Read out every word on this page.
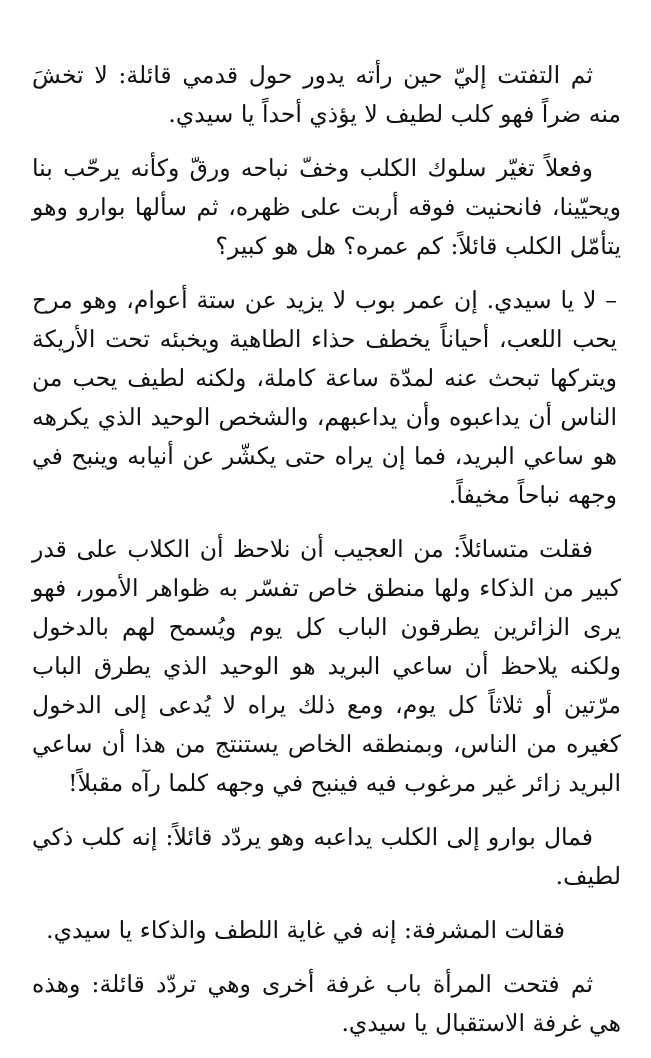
ثم التفتت إليّ حين رأته يدور حول قدمي قائلة: لا تخشَ منه ضراً فهو كلب لطيف لا يؤذي أحداً يا سيدي.

وفعلاً تغيّر سلوك الكلب وخفّ نباحه ورقّ وكأنه يرحّب بنا ويحيّينا، فانحنيت فوقه أربت على ظهره، ثم سألها بوارو وهو يتأمّل الكلب قائلاً: كم عمره؟ هل هو كبير؟

– لا يا سيدي. إن عمر بوب لا يزيد عن ستة أعوام، وهو مرح يحب اللعب، أحياناً يخطف حذاء الطاهية ويخبئه تحت الأريكة ويتركها تبحث عنه لمدّة ساعة كاملة، ولكنه لطيف يحب من الناس أن يداعبوه وأن يداعبهم، والشخص الوحيد الذي يكرهه هو ساعي البريد، فما إن يراه حتى يكشّر عن أنيابه وينبح في وجهه نباحاً مخيفاً.

فقلت متسائلاً: من العجيب أن نلاحظ أن الكلاب على قدر كبير من الذكاء ولها منطق خاص تفسّر به ظواهر الأمور، فهو يرى الزائرين يطرقون الباب كل يوم ويُسمح لهم بالدخول ولكنه يلاحظ أن ساعي البريد هو الوحيد الذي يطرق الباب مرّتين أو ثلاثاً كل يوم، ومع ذلك يراه لا يُدعى إلى الدخول كغيره من الناس، وبمنطقه الخاص يستنتج من هذا أن ساعي البريد زائر غير مرغوب فيه فينبح في وجهه كلما رآه مقبلاً!

فمال بوارو إلى الكلب يداعبه وهو يردّد قائلاً: إنه كلب ذكي لطيف.

فقالت المشرفة: إنه في غاية اللطف والذكاء يا سيدي.

ثم فتحت المرأة باب غرفة أخرى وهي تردّد قائلة: وهذه هي غرفة الاستقبال يا سيدي.
